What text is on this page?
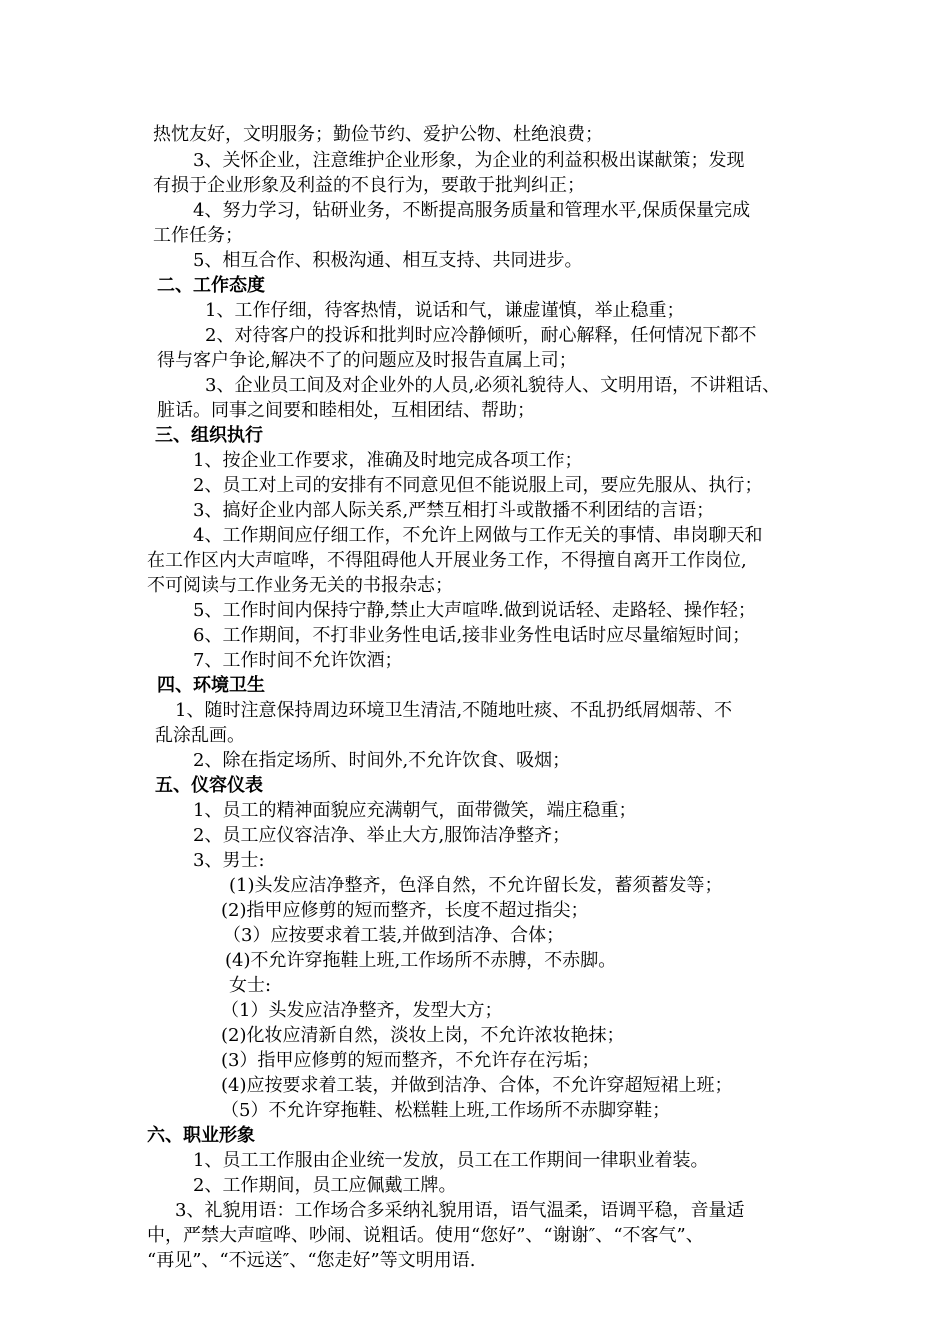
热忱友好，文明服务；勤俭节约、爱护公物、杜绝浪费；

3、关怀企业，注意维护企业形象，为企业的利益积极出谋献策；发现

有损于企业形象及利益的不良行为，要敢于批判纠正；

4、努力学习，钻研业务，不断提高服务质量和管理水平,保质保量完成

工作任务；

5、相互合作、积极沟通、相互支持、共同进步。

二、工作态度

1、工作仔细，待客热情，说话和气，谦虚谨慎，举止稳重；

2、对待客户的投诉和批判时应冷静倾听，耐心解释，任何情况下都不

得与客户争论,解决不了的问题应及时报告直属上司；

3、企业员工间及对企业外的人员,必须礼貌待人、文明用语，不讲粗话、

脏话。同事之间要和睦相处，互相团结、帮助；

三、组织执行

1、按企业工作要求，准确及时地完成各项工作；

2、员工对上司的安排有不同意见但不能说服上司，要应先服从、执行；

3、搞好企业内部人际关系,严禁互相打斗或散播不利团结的言语；

4、工作期间应仔细工作，不允许上网做与工作无关的事情、串岗聊天和

在工作区内大声喧哗，不得阻碍他人开展业务工作，不得擅自离开工作岗位,

不可阅读与工作业务无关的书报杂志；

5、工作时间内保持宁静,禁止大声喧哗.做到说话轻、走路轻、操作轻；

6、工作期间，不打非业务性电话,接非业务性电话时应尽量缩短时间；

7、工作时间不允许饮酒；

四、环境卫生

1、随时注意保持周边环境卫生清洁,不随地吐痰、不乱扔纸屑烟蒂、不

乱涂乱画。

2、除在指定场所、时间外,不允许饮食、吸烟；

五、仪容仪表

1、员工的精神面貌应充满朝气，面带微笑，端庄稳重；

2、员工应仪容洁净、举止大方,服饰洁净整齐；

3、男士:

(1)头发应洁净整齐，色泽自然，不允许留长发，蓄须蓄发等；

(2)指甲应修剪的短而整齐，长度不超过指尖；

（3）应按要求着工装,并做到洁净、合体；

(4)不允许穿拖鞋上班,工作场所不赤膊，不赤脚。

女士:

（1）头发应洁净整齐，发型大方；

(2)化妆应清新自然，淡妆上岗，不允许浓妆艳抹；

(3）指甲应修剪的短而整齐，不允许存在污垢；

(4)应按要求着工装，并做到洁净、合体，不允许穿超短裙上班；

（5）不允许穿拖鞋、松糕鞋上班,工作场所不赤脚穿鞋；

六、职业形象

1、员工工作服由企业统一发放，员工在工作期间一律职业着装。

2、工作期间，员工应佩戴工牌。

3、礼貌用语：工作场合多采纳礼貌用语，语气温柔，语调平稳，音量适

中，严禁大声喧哗、吵闹、说粗话。使用“您好”、“谢谢″、“不客气”、

“再见”、“不远送″、“您走好”等文明用语.
